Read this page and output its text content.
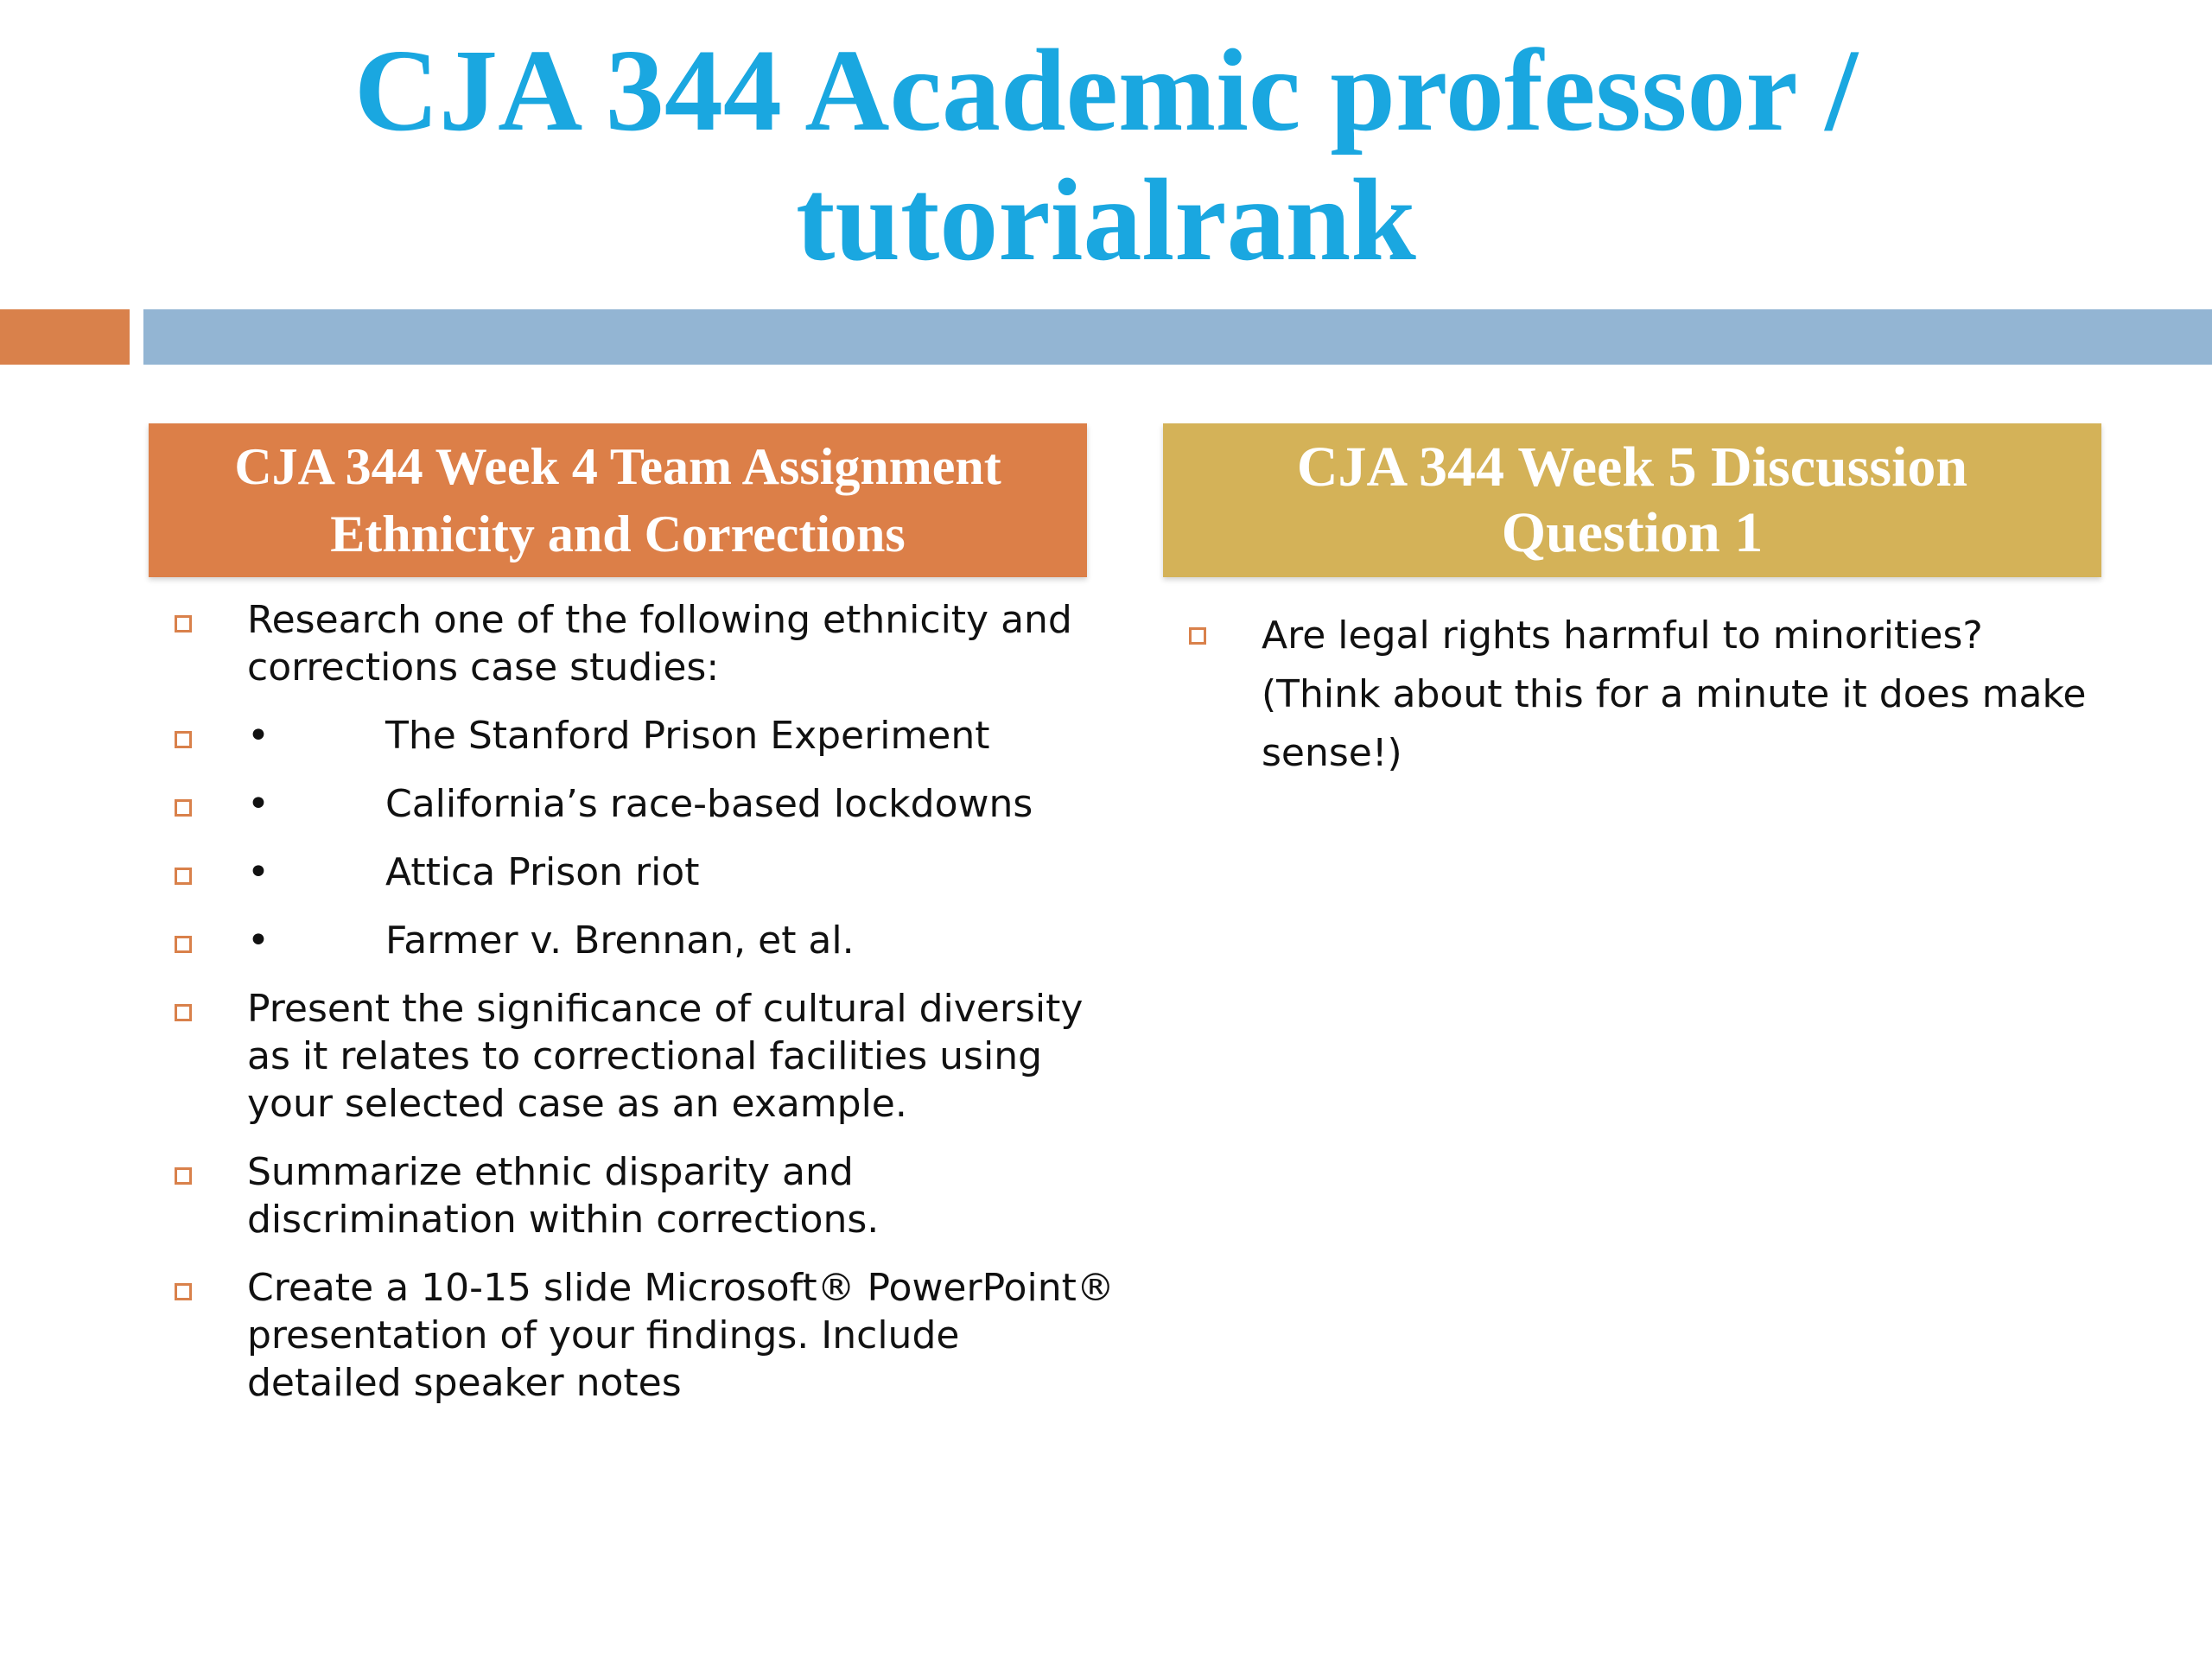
CJA 344 Academic professor /
tutorialrank
CJA 344 Week 4 Team Assignment
Ethnicity and Corrections
CJA 344 Week 5 Discussion
Question 1
Research one of the following ethnicity and corrections case studies:
•	The Stanford Prison Experiment
•	California’s race-based lockdowns
•	Attica Prison riot
•	Farmer v. Brennan, et al.
Present the significance of cultural diversity as it relates to correctional facilities using your selected case as an example.
Summarize ethnic disparity and discrimination within corrections.
Create a 10-15 slide Microsoft® PowerPoint® presentation of your findings. Include detailed speaker notes
Are legal rights harmful to minorities? (Think about this for a minute it does make sense!)
